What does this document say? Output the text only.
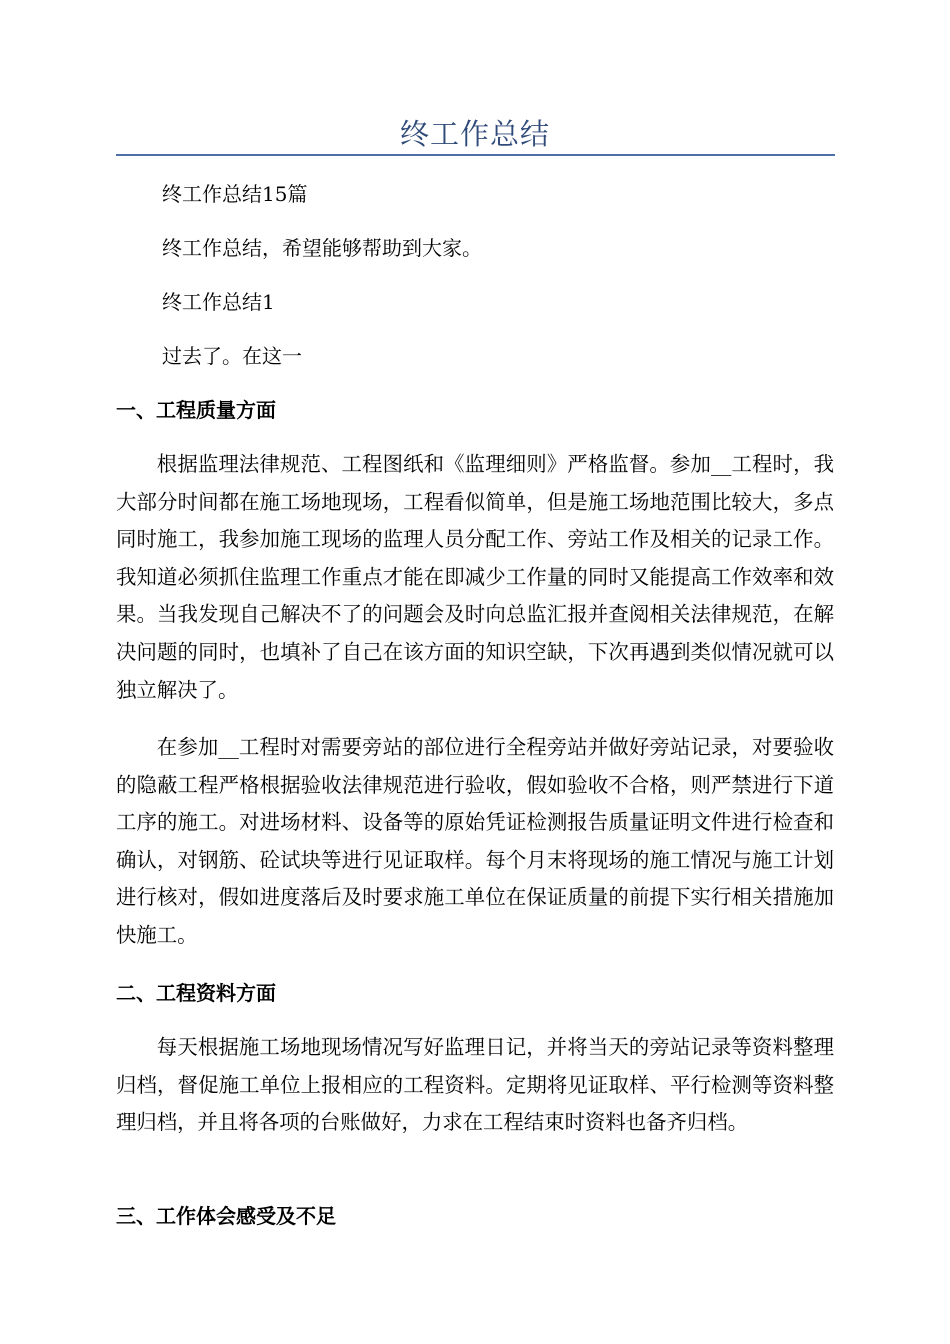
终工作总结
终工作总结15篇
终工作总结，希望能够帮助到大家。
终工作总结1
过去了。在这一
一、工程质量方面
根据监理法律规范、工程图纸和《监理细则》严格监督。参加__工程时，我大部分时间都在施工场地现场，工程看似简单，但是施工场地范围比较大，多点同时施工，我参加施工现场的监理人员分配工作、旁站工作及相关的记录工作。我知道必须抓住监理工作重点才能在即减少工作量的同时又能提高工作效率和效果。当我发现自己解决不了的问题会及时向总监汇报并查阅相关法律规范，在解决问题的同时，也填补了自己在该方面的知识空缺，下次再遇到类似情况就可以独立解决了。
在参加__工程时对需要旁站的部位进行全程旁站并做好旁站记录，对要验收的隐蔽工程严格根据验收法律规范进行验收，假如验收不合格，则严禁进行下道工序的施工。对进场材料、设备等的原始凭证检测报告质量证明文件进行检查和确认，对钢筋、砼试块等进行见证取样。每个月末将现场的施工情况与施工计划进行核对，假如进度落后及时要求施工单位在保证质量的前提下实行相关措施加快施工。
二、工程资料方面
每天根据施工场地现场情况写好监理日记，并将当天的旁站记录等资料整理归档，督促施工单位上报相应的工程资料。定期将见证取样、平行检测等资料整理归档，并且将各项的台账做好，力求在工程结束时资料也备齐归档。
三、工作体会感受及不足
